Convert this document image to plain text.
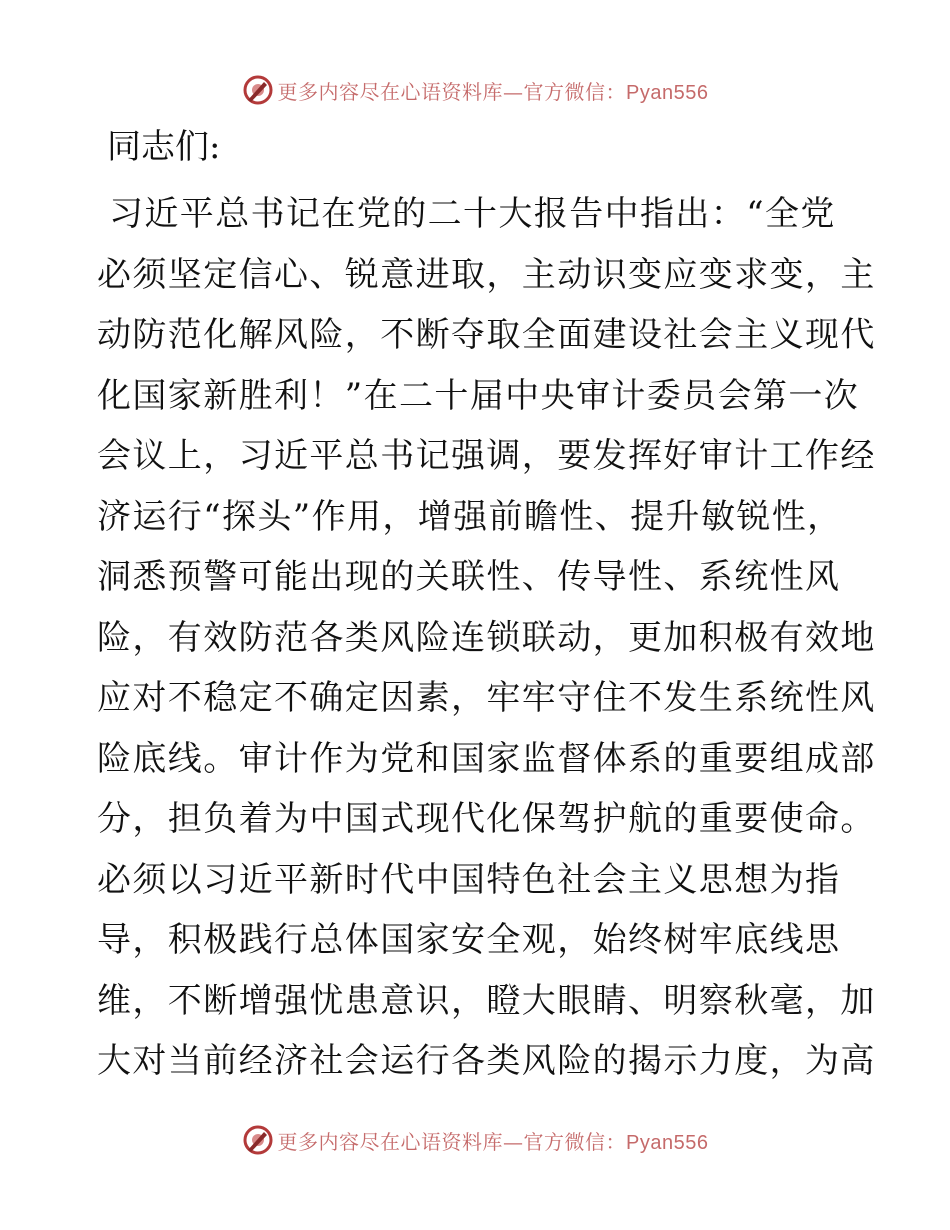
更多内容尽在心语资料库—官方微信：Pyan556
同志们:
习近平总书记在党的二十大报告中指出：“全党
必须坚定信心、锐意进取，主动识变应变求变，主
动防范化解风险，不断夺取全面建设社会主义现代
化国家新胜利！”在二十届中央审计委员会第一次
会议上，习近平总书记强调，要发挥好审计工作经
济运行“探头”作用，增强前瞻性、提升敏锐性，
洞悉预警可能出现的关联性、传导性、系统性风
险，有效防范各类风险连锁联动，更加积极有效地
应对不稳定不确定因素，牢牢守住不发生系统性风
险底线。审计作为党和国家监督体系的重要组成部
分，担负着为中国式现代化保驾护航的重要使命。
必须以习近平新时代中国特色社会主义思想为指
导，积极践行总体国家安全观，始终树牢底线思
维，不断增强忧患意识，瞪大眼睛、明察秋毫，加
大对当前经济社会运行各类风险的揭示力度，为高
更多内容尽在心语资料库—官方微信：Pyan556
